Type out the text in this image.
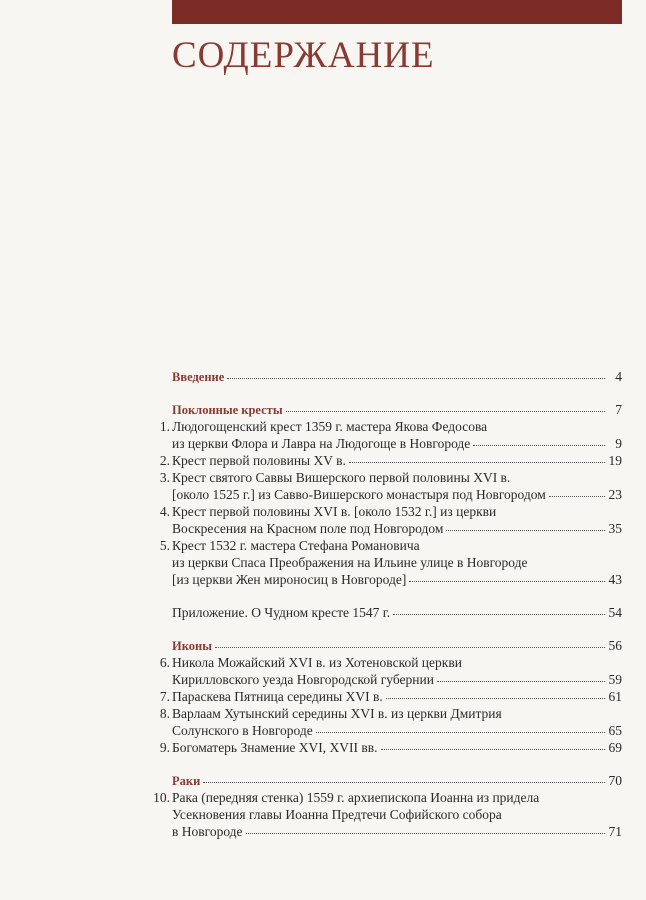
СОДЕРЖАНИЕ
Введение	4
Поклонные кресты	7
1. Людогощенский крест 1359 г. мастера Якова Федосова
из церкви Флора и Лавра на Людогоще в Новгороде	9
2. Крест первой половины XV в.	19
3. Крест святого Саввы Вишерского первой половины XVI в.
[около 1525 г.] из Савво-Вишерского монастыря под Новгородом	23
4. Крест первой половины XVI в. [около 1532 г.] из церкви
Воскресения на Красном поле под Новгородом	35
5. Крест 1532 г. мастера Стефана Романовича
из церкви Спаса Преображения на Ильине улице в Новгороде
[из церкви Жен мироносиц в Новгороде]	43
Приложение. О Чудном кресте 1547 г.	54
Иконы	56
6. Никола Можайский XVI в. из Хотеновской церкви
Кирилловского уезда Новгородской губернии	59
7. Параскева Пятница середины XVI в.	61
8. Варлаам Хутынский середины XVI в. из церкви Дмитрия
Солунского в Новгороде	65
9. Богоматерь Знамение XVI, XVII вв.	69
Раки	70
10. Рака (передняя стенка) 1559 г. архиепископа Иоанна из придела
Усекновения главы Иоанна Предтечи Софийского собора
в Новгороде	71
